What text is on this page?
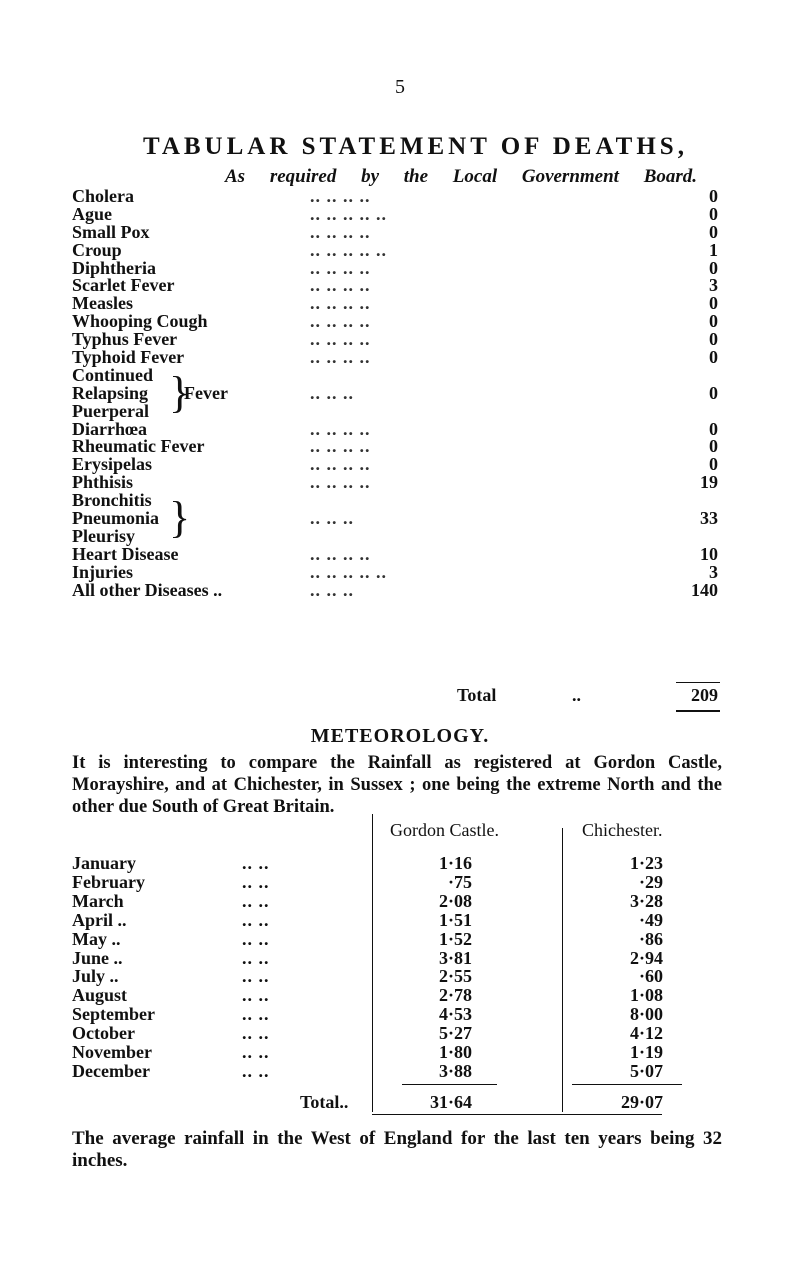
5
TABULAR STATEMENT OF DEATHS,
As required by the Local Government Board.
Cholera	.. .. .. ..	0
Ague	.. .. .. .. ..	0
Small Pox	.. .. .. ..	0
Croup	.. .. .. .. ..	1
Diphtheria	.. .. .. ..	0
Scarlet Fever	.. .. .. ..	3
Measles	.. .. .. ..	0
Whooping Cough	.. .. .. ..	0
Typhus Fever	.. .. .. ..	0
Typhoid Fever	.. .. .. ..	0
Continued
Relapsing
Puerperal }
Fever	.. .. ..	0
Diarrhœa	.. .. .. ..	0
Rheumatic Fever	.. .. .. ..	0
Erysipelas	.. .. .. ..	0
Phthisis	.. .. .. ..	19
Bronchitis
Pneumonia
Pleurisy }	.. .. ..	33
Heart Disease	.. .. .. ..	10
Injuries	.. .. .. .. ..	3
All other Diseases ..	.. .. ..	140
Total	..	209
METEOROLOGY.
It is interesting to compare the Rainfall as registered at Gordon Castle, Morayshire, and at Chichester, in Sussex ; one being the extreme North and the other due South of Great Britain.
Gordon Castle.	Chichester.
January	.. ..	1·16	1·23
February	.. ..	·75	·29
March	.. ..	2·08	3·28
April ..	.. ..	1·51	·49
May ..	.. ..	1·52	·86
June ..	.. ..	3·81	2·94
July ..	.. ..	2·55	·60
August	.. ..	2·78	1·08
September	.. ..	4·53	8·00
October	.. ..	5·27	4·12
November	.. ..	1·80	1·19
December	.. ..	3·88	5·07
Total..	31·64	29·07
The average rainfall in the West of England for the last ten years being 32 inches.
